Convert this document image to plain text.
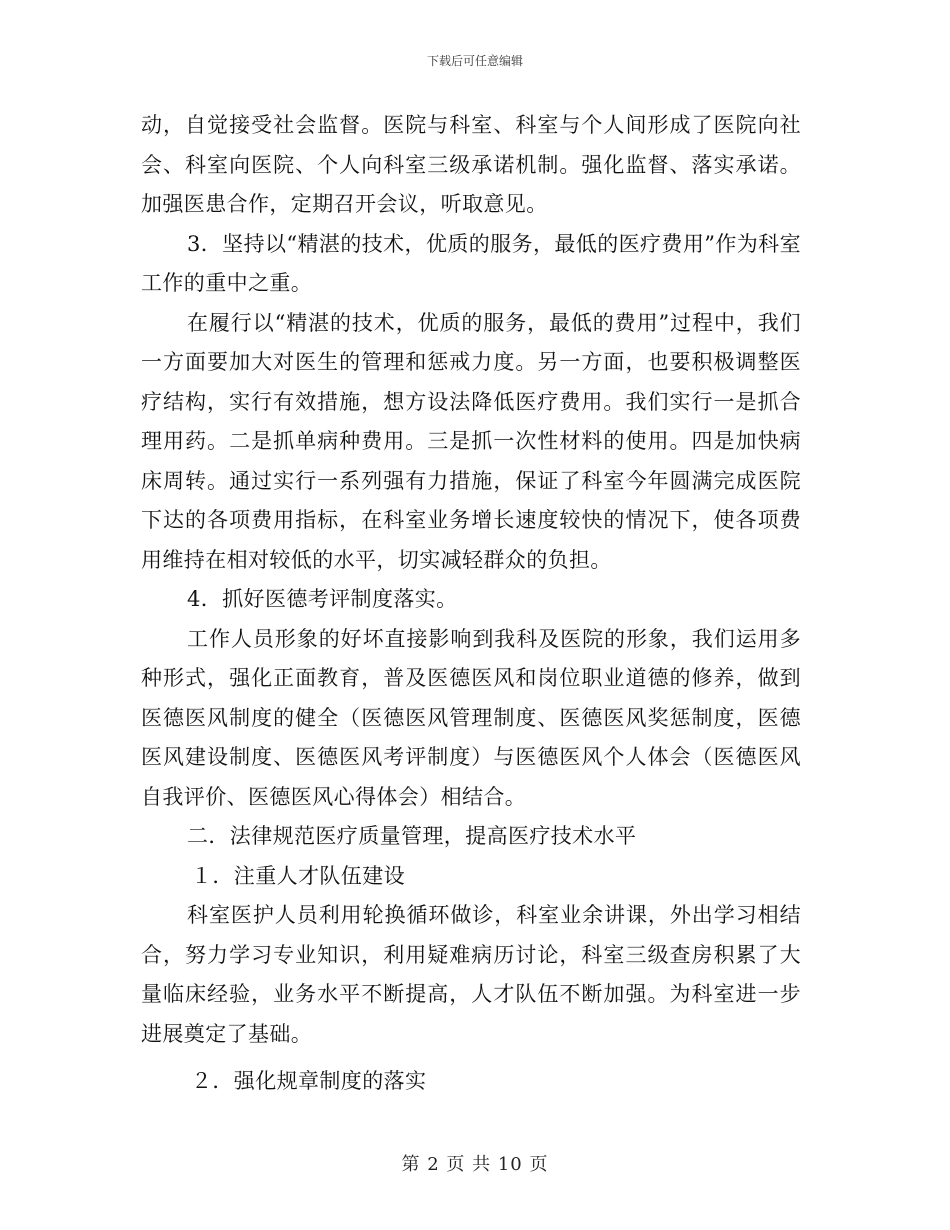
下载后可任意编辑

动，自觉接受社会监督。医院与科室、科室与个人间形成了医院向社会、科室向医院、个人向科室三级承诺机制。强化监督、落实承诺。加强医患合作，定期召开会议，听取意见。

3．坚持以“精湛的技术，优质的服务，最低的医疗费用”作为科室工作的重中之重。

在履行以“精湛的技术，优质的服务，最低的费用”过程中，我们一方面要加大对医生的管理和惩戒力度。另一方面，也要积极调整医疗结构，实行有效措施，想方设法降低医疗费用。我们实行一是抓合理用药。二是抓单病种费用。三是抓一次性材料的使用。四是加快病床周转。通过实行一系列强有力措施，保证了科室今年圆满完成医院下达的各项费用指标，在科室业务增长速度较快的情况下，使各项费用维持在相对较低的水平，切实减轻群众的负担。

4．抓好医德考评制度落实。

工作人员形象的好坏直接影响到我科及医院的形象，我们运用多种形式，强化正面教育，普及医德医风和岗位职业道德的修养，做到医德医风制度的健全（医德医风管理制度、医德医风奖惩制度，医德医风建设制度、医德医风考评制度）与医德医风个人体会（医德医风自我评价、医德医风心得体会）相结合。

二．法律规范医疗质量管理，提高医疗技术水平

１．注重人才队伍建设

科室医护人员利用轮换循环做诊，科室业余讲课，外出学习相结合，努力学习专业知识，利用疑难病历讨论，科室三级查房积累了大量临床经验，业务水平不断提高，人才队伍不断加强。为科室进一步进展奠定了基础。

２．强化规章制度的落实

第 2 页 共 10 页
